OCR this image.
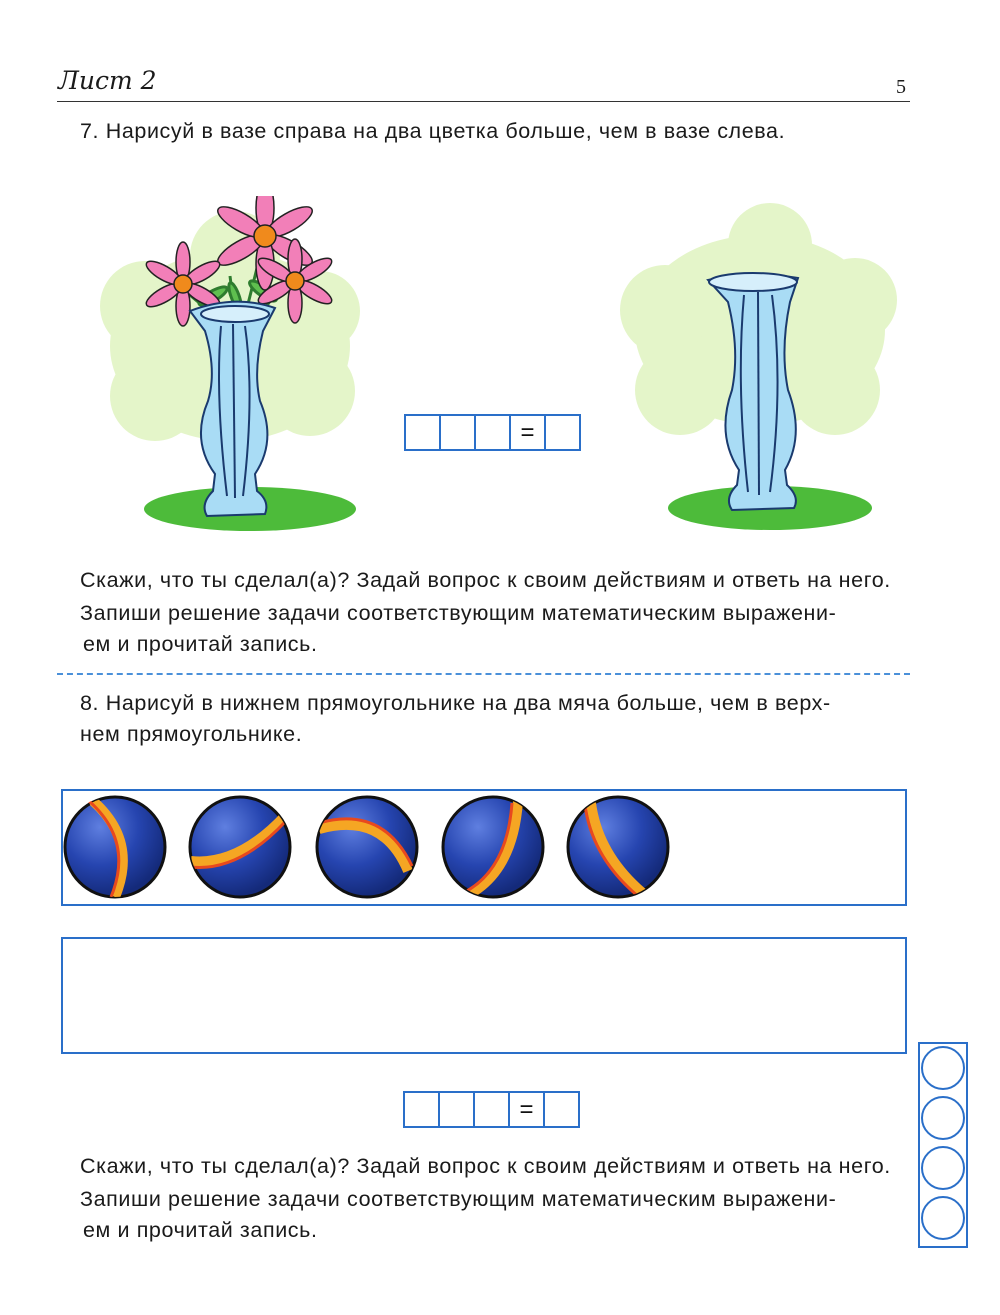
Лист 2	5
7. Нарисуй в вазе справа на два цветка больше, чем в вазе слева.
=
Скажи, что ты сделал(а)? Задай вопрос к своим действиям и ответь на него.
Запиши решение задачи соответствующим математическим выражени-
ем и прочитай запись.
8. Нарисуй в нижнем прямоугольнике на два мяча больше, чем в верх-
нем прямоугольнике.
=
Скажи, что ты сделал(а)? Задай вопрос к своим действиям и ответь на него.
Запиши решение задачи соответствующим математическим выражени-
ем и прочитай запись.
